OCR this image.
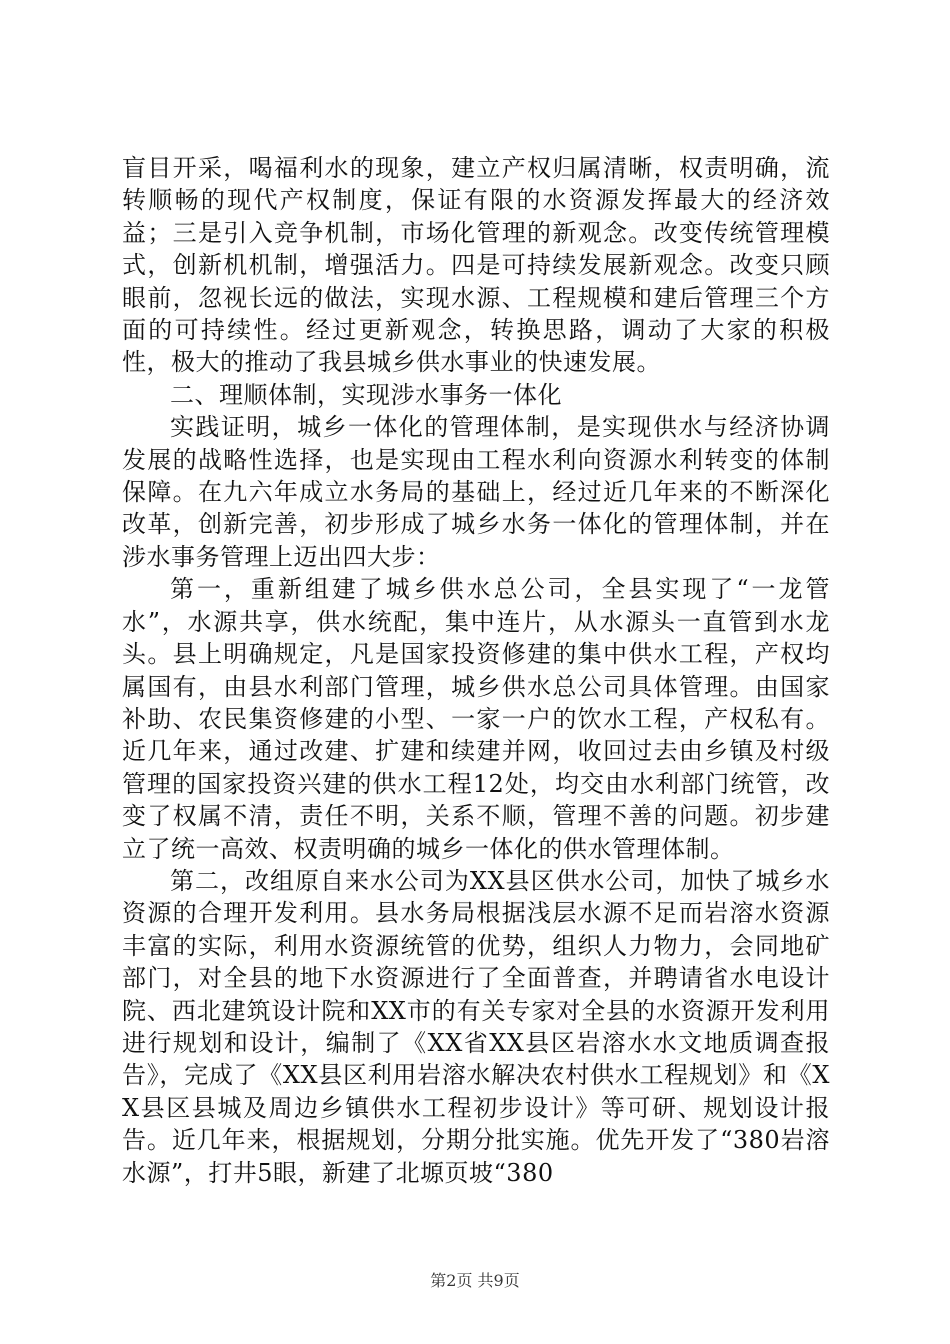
盲目开采，喝福利水的现象，建立产权归属清晰，权责明确，流转顺畅的现代产权制度，保证有限的水资源发挥最大的经济效益；三是引入竞争机制，市场化管理的新观念。改变传统管理模式，创新机机制，增强活力。四是可持续发展新观念。改变只顾眼前，忽视长远的做法，实现水源、工程规模和建后管理三个方面的可持续性。经过更新观念，转换思路，调动了大家的积极性，极大的推动了我县城乡供水事业的快速发展。

二、理顺体制，实现涉水事务一体化

实践证明，城乡一体化的管理体制，是实现供水与经济协调发展的战略性选择，也是实现由工程水利向资源水利转变的体制保障。在九六年成立水务局的基础上，经过近几年来的不断深化改革，创新完善，初步形成了城乡水务一体化的管理体制，并在涉水事务管理上迈出四大步：

第一，重新组建了城乡供水总公司，全县实现了“一龙管水”，水源共享，供水统配，集中连片，从水源头一直管到水龙头。县上明确规定，凡是国家投资修建的集中供水工程，产权均属国有，由县水利部门管理，城乡供水总公司具体管理。由国家补助、农民集资修建的小型、一家一户的饮水工程，产权私有。近几年来，通过改建、扩建和续建并网，收回过去由乡镇及村级管理的国家投资兴建的供水工程12处，均交由水利部门统管，改变了权属不清，责任不明，关系不顺，管理不善的问题。初步建立了统一高效、权责明确的城乡一体化的供水管理体制。

第二，改组原自来水公司为XX县区供水公司，加快了城乡水资源的合理开发利用。县水务局根据浅层水源不足而岩溶水资源丰富的实际，利用水资源统管的优势，组织人力物力，会同地矿部门，对全县的地下水资源进行了全面普查，并聘请省水电设计院、西北建筑设计院和XX市的有关专家对全县的水资源开发利用进行规划和设计，编制了《XX省XX县区岩溶水水文地质调查报告》，完成了《XX县区利用岩溶水解决农村供水工程规划》和《XX县区县城及周边乡镇供水工程初步设计》等可研、规划设计报告。近几年来，根据规划，分期分批实施。优先开发了“380岩溶水源”，打井5眼，新建了北塬页坡“380

第2页 共9页
